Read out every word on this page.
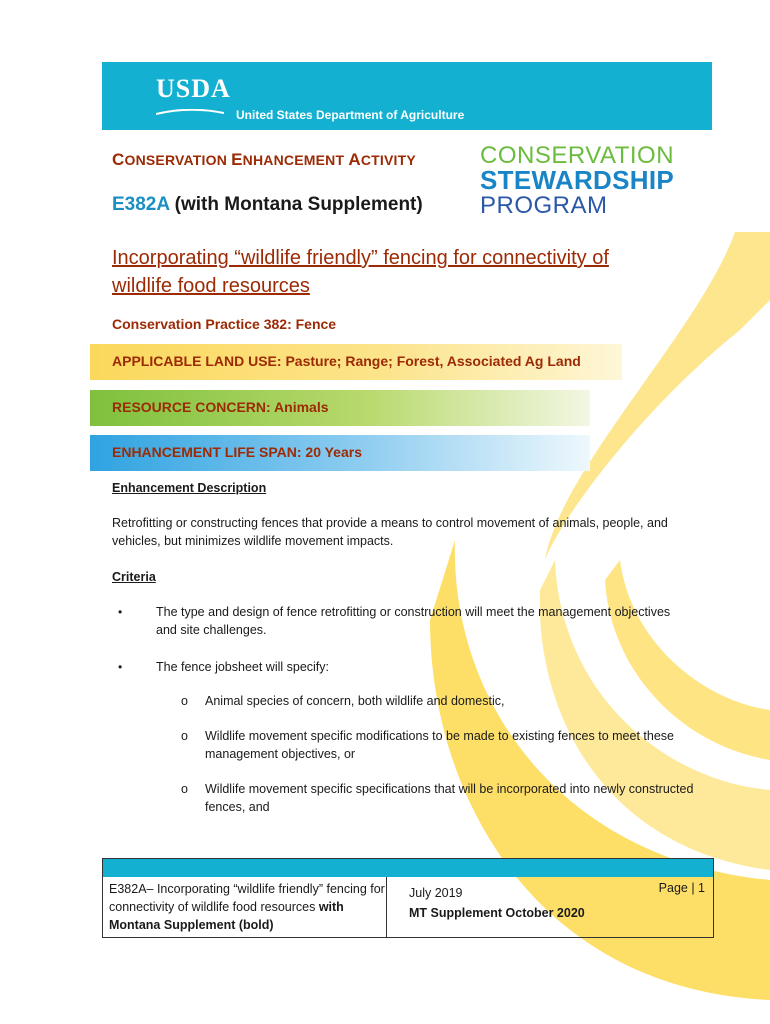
USDA
United States Department of Agriculture
CONSERVATION ENHANCEMENT ACTIVITY
E382A (with Montana Supplement)
CONSERVATION
STEWARDSHIP
PROGRAM
Incorporating “wildlife friendly” fencing for connectivity of
wildlife food resources
Conservation Practice 382: Fence
APPLICABLE LAND USE: Pasture; Range; Forest, Associated Ag Land
RESOURCE CONCERN: Animals
ENHANCEMENT LIFE SPAN: 20 Years
Enhancement Description
Retrofitting or constructing fences that provide a means to control movement of animals, people, and vehicles, but minimizes wildlife movement impacts.
Criteria
•	The type and design of fence retrofitting or construction will meet the management objectives and site challenges.
•	The fence jobsheet will specify:
o Animal species of concern, both wildlife and domestic,
o Wildlife movement specific modifications to be made to existing fences to meet these management objectives, or
o Wildlife movement specific specifications that will be incorporated into newly constructed fences, and
E382A– Incorporating “wildlife friendly” fencing for connectivity of wildlife food resources with Montana Supplement (bold)
July 2019
MT Supplement October 2020
Page | 1
